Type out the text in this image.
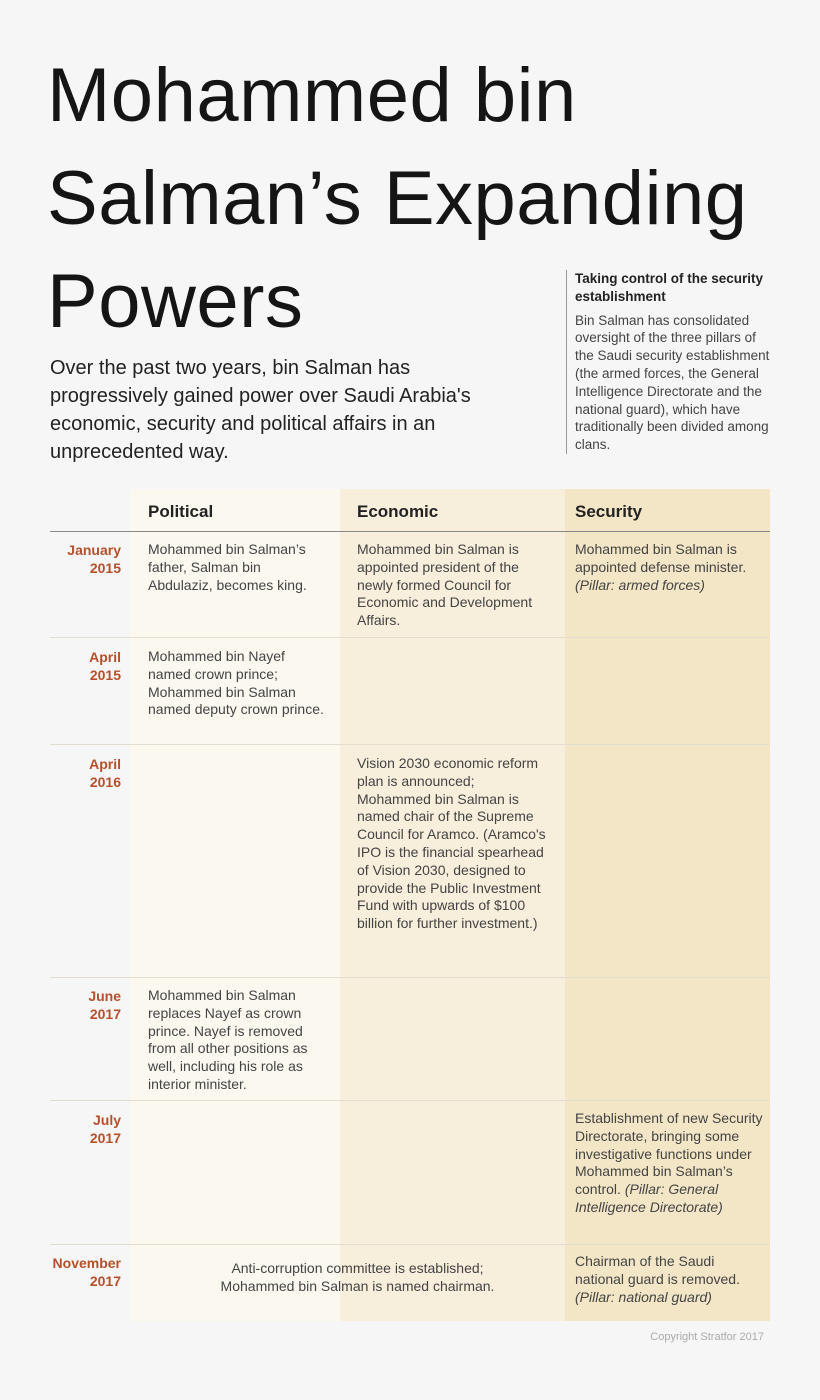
Mohammed bin
Salman’s Expanding
Powers
Over the past two years, bin Salman has progressively gained power over Saudi Arabia's economic, security and political affairs in an unprecedented way.
Taking control of the security establishment
Bin Salman has consolidated oversight of the three pillars of the Saudi security establishment (the armed forces, the General Intelligence Directorate and the national guard), which have traditionally been divided among clans.
Political	Economic	Security
January
2015
Mohammed bin Salman’s father, Salman bin Abdulaziz, becomes king.
Mohammed bin Salman is appointed president of the newly formed Council for Economic and Development Affairs.
Mohammed bin Salman is appointed defense minister. (Pillar: armed forces)
April
2015
Mohammed bin Nayef named crown prince; Mohammed bin Salman named deputy crown prince.
April
2016
Vision 2030 economic reform plan is announced; Mohammed bin Salman is named chair of the Supreme Council for Aramco. (Aramco's IPO is the financial spearhead of Vision 2030, designed to provide the Public Investment Fund with upwards of $100 billion for further investment.)
June
2017
Mohammed bin Salman replaces Nayef as crown prince. Nayef is removed from all other positions as well, including his role as interior minister.
July
2017
Establishment of new Security Directorate, bringing some investigative functions under Mohammed bin Salman’s control. (Pillar: General Intelligence Directorate)
November
2017
Anti-corruption committee is established;
Mohammed bin Salman is named chairman.
Chairman of the Saudi national guard is removed. (Pillar: national guard)
Copyright Stratfor 2017
